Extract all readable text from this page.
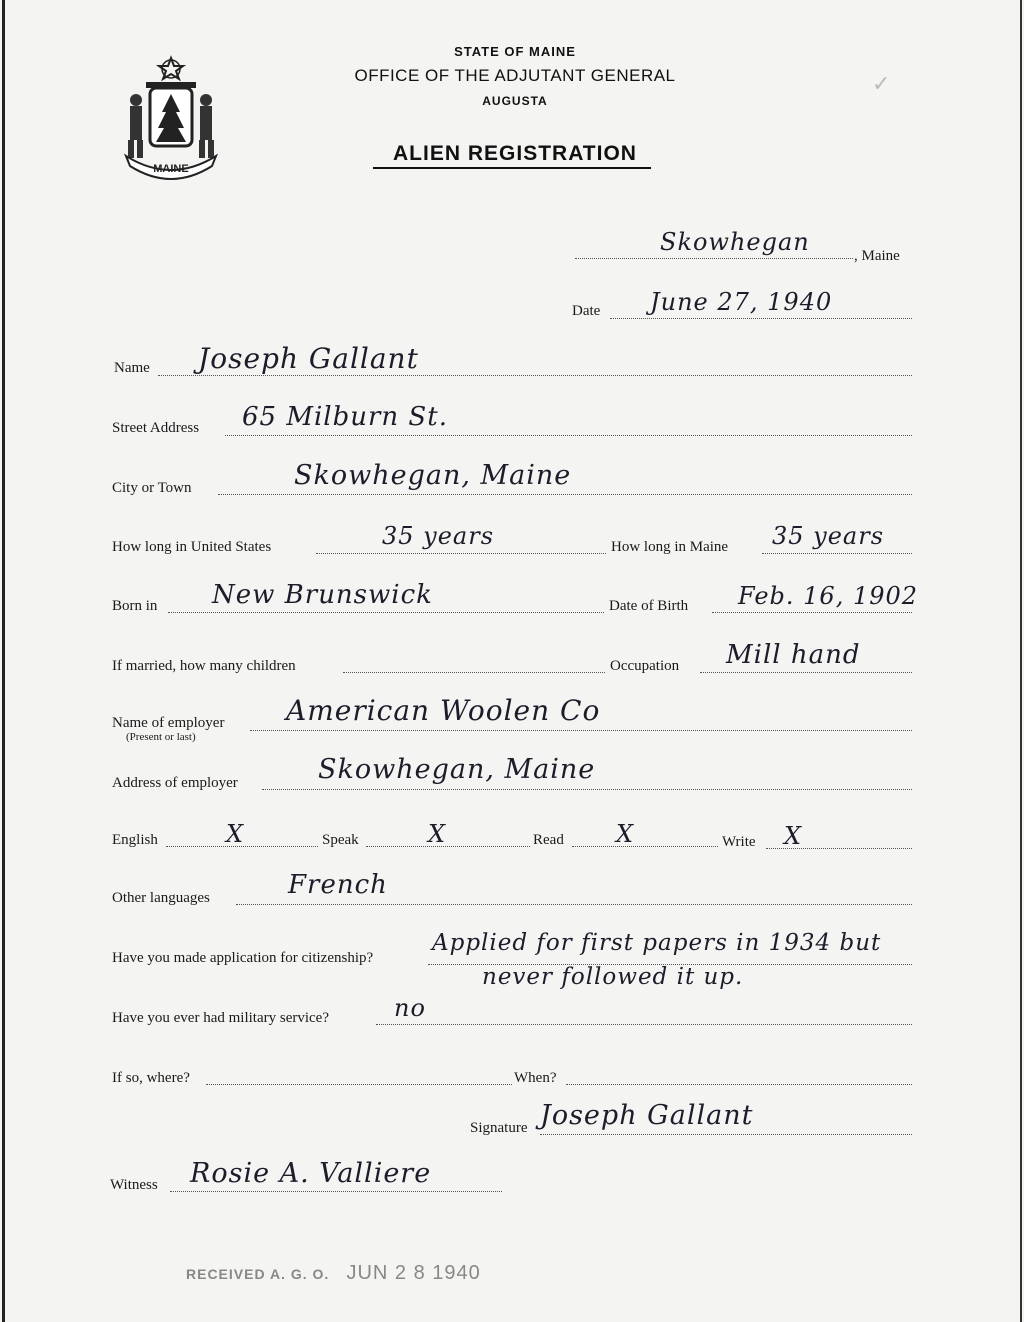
MAINE
STATE OF MAINE
OFFICE OF THE ADJUTANT GENERAL
AUGUSTA
ALIEN REGISTRATION
✓
Skowhegan	, Maine
Date June 27, 1940
Name Joseph Gallant
Street Address 65 Milburn St.
City or Town	Skowhegan, Maine
How long in United States	35 years	How long in Maine 35 years
Born in New Brunswick	Date of Birth Feb. 16, 1902
If married, how many children	Occupation Mill hand
Name of employer
(Present or last)
American Woolen Co
Address of employer	Skowhegan, Maine
English	X	Speak	X	Read X	Write X
Other languages	French
Have you made application for citizenship?
Applied for first papers in 1934 but
never followed it up.
Have you ever had military service?	no
If so, where?	When?
Signature Joseph Gallant
Witness Rosie A. Valliere
RECEIVED A. G. O. JUN 2 8 1940
